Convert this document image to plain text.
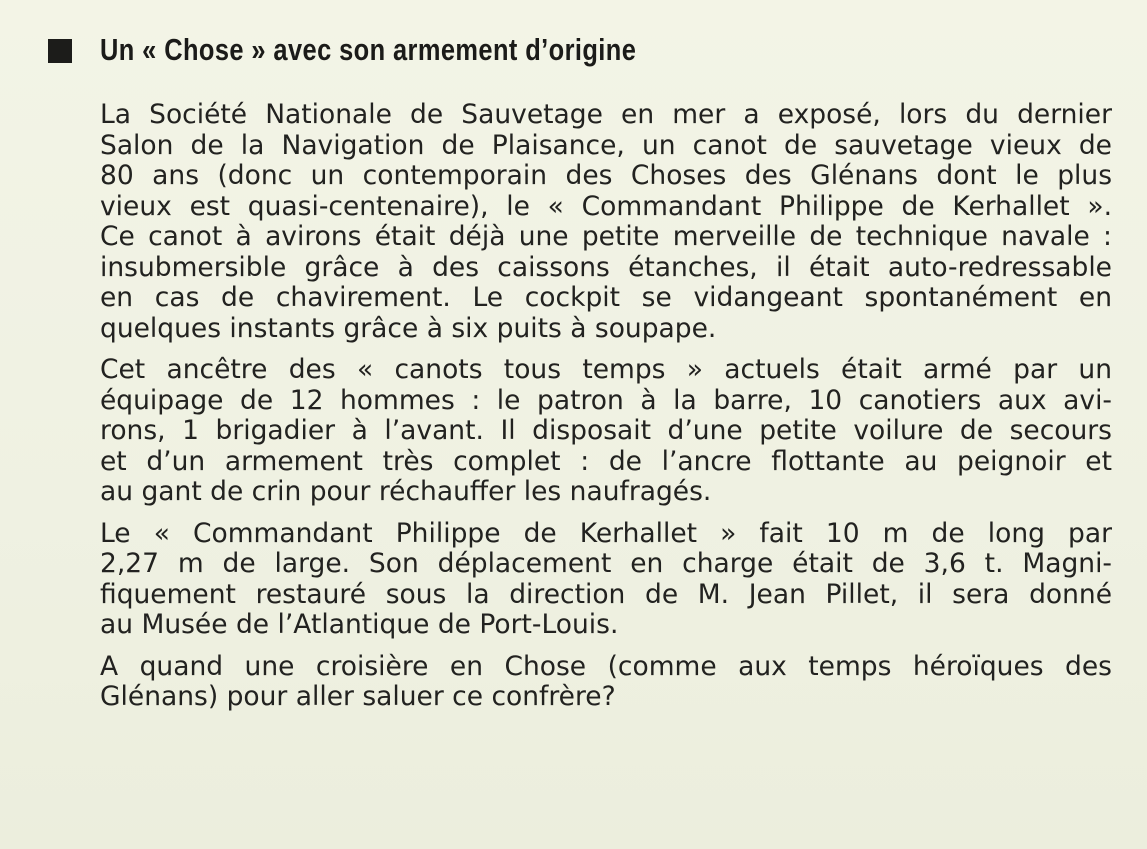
Un « Chose » avec son armement d’origine

La Société Nationale de Sauvetage en mer a exposé, lors du dernier
Salon de la Navigation de Plaisance, un canot de sauvetage vieux de
80 ans (donc un contemporain des Choses des Glénans dont le plus
vieux est quasi-centenaire), le « Commandant Philippe de Kerhallet ».
Ce canot à avirons était déjà une petite merveille de technique navale :
insubmersible grâce à des caissons étanches, il était auto-redressable
en cas de chavirement. Le cockpit se vidangeant spontanément en
quelques instants grâce à six puits à soupape.

Cet ancêtre des « canots tous temps » actuels était armé par un
équipage de 12 hommes : le patron à la barre, 10 canotiers aux avi-
rons, 1 brigadier à l’avant. Il disposait d’une petite voilure de secours
et d’un armement très complet : de l’ancre flottante au peignoir et
au gant de crin pour réchauffer les naufragés.

Le « Commandant Philippe de Kerhallet » fait 10 m de long par
2,27 m de large. Son déplacement en charge était de 3,6 t. Magni-
fiquement restauré sous la direction de M. Jean Pillet, il sera donné
au Musée de l’Atlantique de Port-Louis.

A quand une croisière en Chose (comme aux temps héroïques des
Glénans) pour aller saluer ce confrère?
